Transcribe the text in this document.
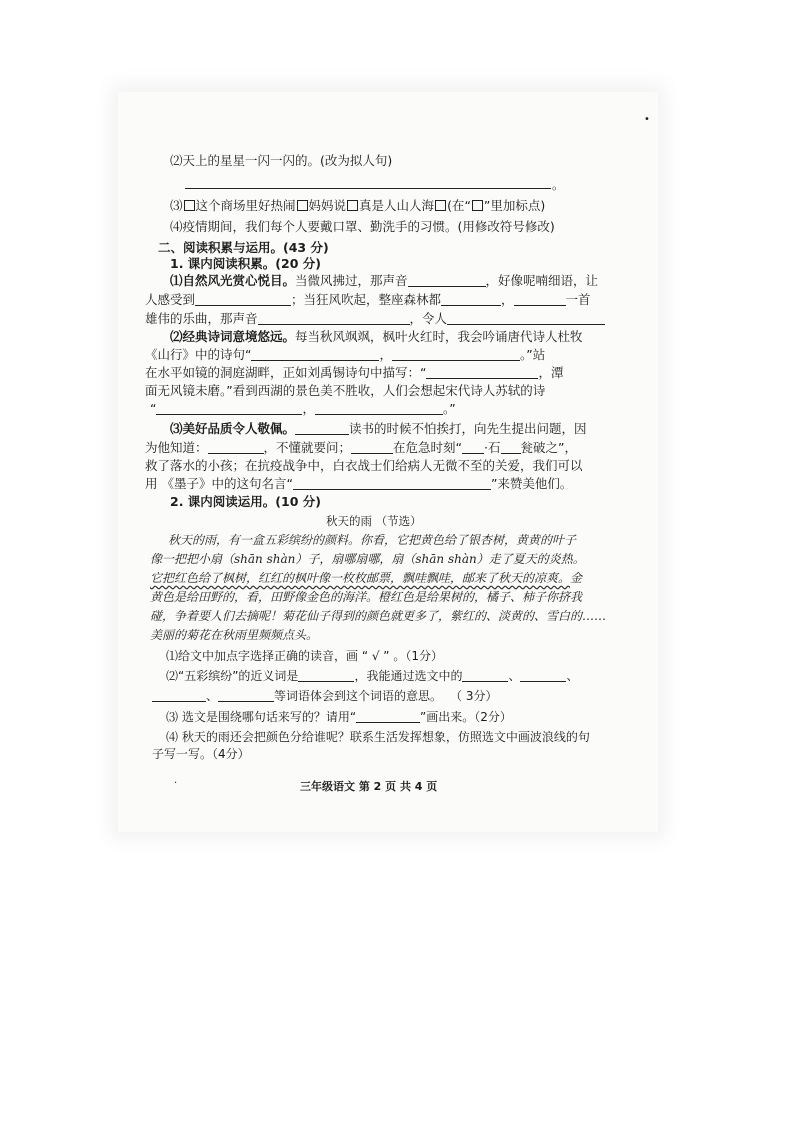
⑵天上的星星一闪一闪的。(改为拟人句)
。
⑶ 这个商场里好热闹 妈妈说 真是人山人海 (在“ ”里加标点)
⑷疫情期间，我们每个人要戴口罩、勤洗手的习惯。(用修改符号修改)
二、阅读积累与运用。(43 分)
1. 课内阅读积累。(20 分)
⑴自然风光赏心悦目。当微风拂过，那声音	，好像呢喃细语，让
人感受到	；当狂风吹起，整座森林都	，	一首
雄伟的乐曲，那声音	，令人
⑵经典诗词意境悠远。每当秋风飒飒，枫叶火红时，我会吟诵唐代诗人杜牧
《山行》中的诗句“	，	。”站
在水平如镜的洞庭湖畔，正如刘禹锡诗句中描写：“	，潭
面无风镜未磨。”看到西湖的景色美不胜收，人们会想起宋代诗人苏轼的诗
“	，	。”
⑶美好品质令人敬佩。	读书的时候不怕挨打，向先生提出问题，因
为他知道：	，不懂就要问；	在危急时刻“ ·石 瓮破之”，
救了落水的小孩；在抗疫战争中，白衣战士们给病人无微不至的关爱，我们可以
用 《墨子》中的这句名言“	”来赞美他们。
2. 课内阅读运用。(10 分)
秋天的雨 （节选）
秋天的雨，有一盒五彩缤纷的颜料。你看，它把黄色给了银杏树，黄黄的叶子
像一把把小扇（shān shàn）子，扇哪扇哪，扇（shān shàn）走了夏天的炎热。
它把红色给了枫树，红红的枫叶像一枚枚邮票，飘哇飘哇，邮来了秋天的凉爽。金
黄色是给田野的，看，田野像金色的海洋。橙红色是给果树的，橘子、柿子你挤我
碰，争着要人们去摘呢！菊花仙子得到的颜色就更多了，紫红的、淡黄的、雪白的……
美丽的菊花在秋雨里频频点头。
⑴给文中加点字选择正确的读音，画 “ √ ” 。（1分）
⑵“五彩缤纷”的近义词是	，我能通过选文中的	、	、
、	等词语体会到这个词语的意思。 （ 3分）
⑶ 选文是围绕哪句话来写的？请用“	”画出来。（2分）
⑷ 秋天的雨还会把颜色分给谁呢？联系生活发挥想象，仿照选文中画波浪线的句
子写一写。（4分）
三年级语文 第 2 页 共 4 页
•
·
